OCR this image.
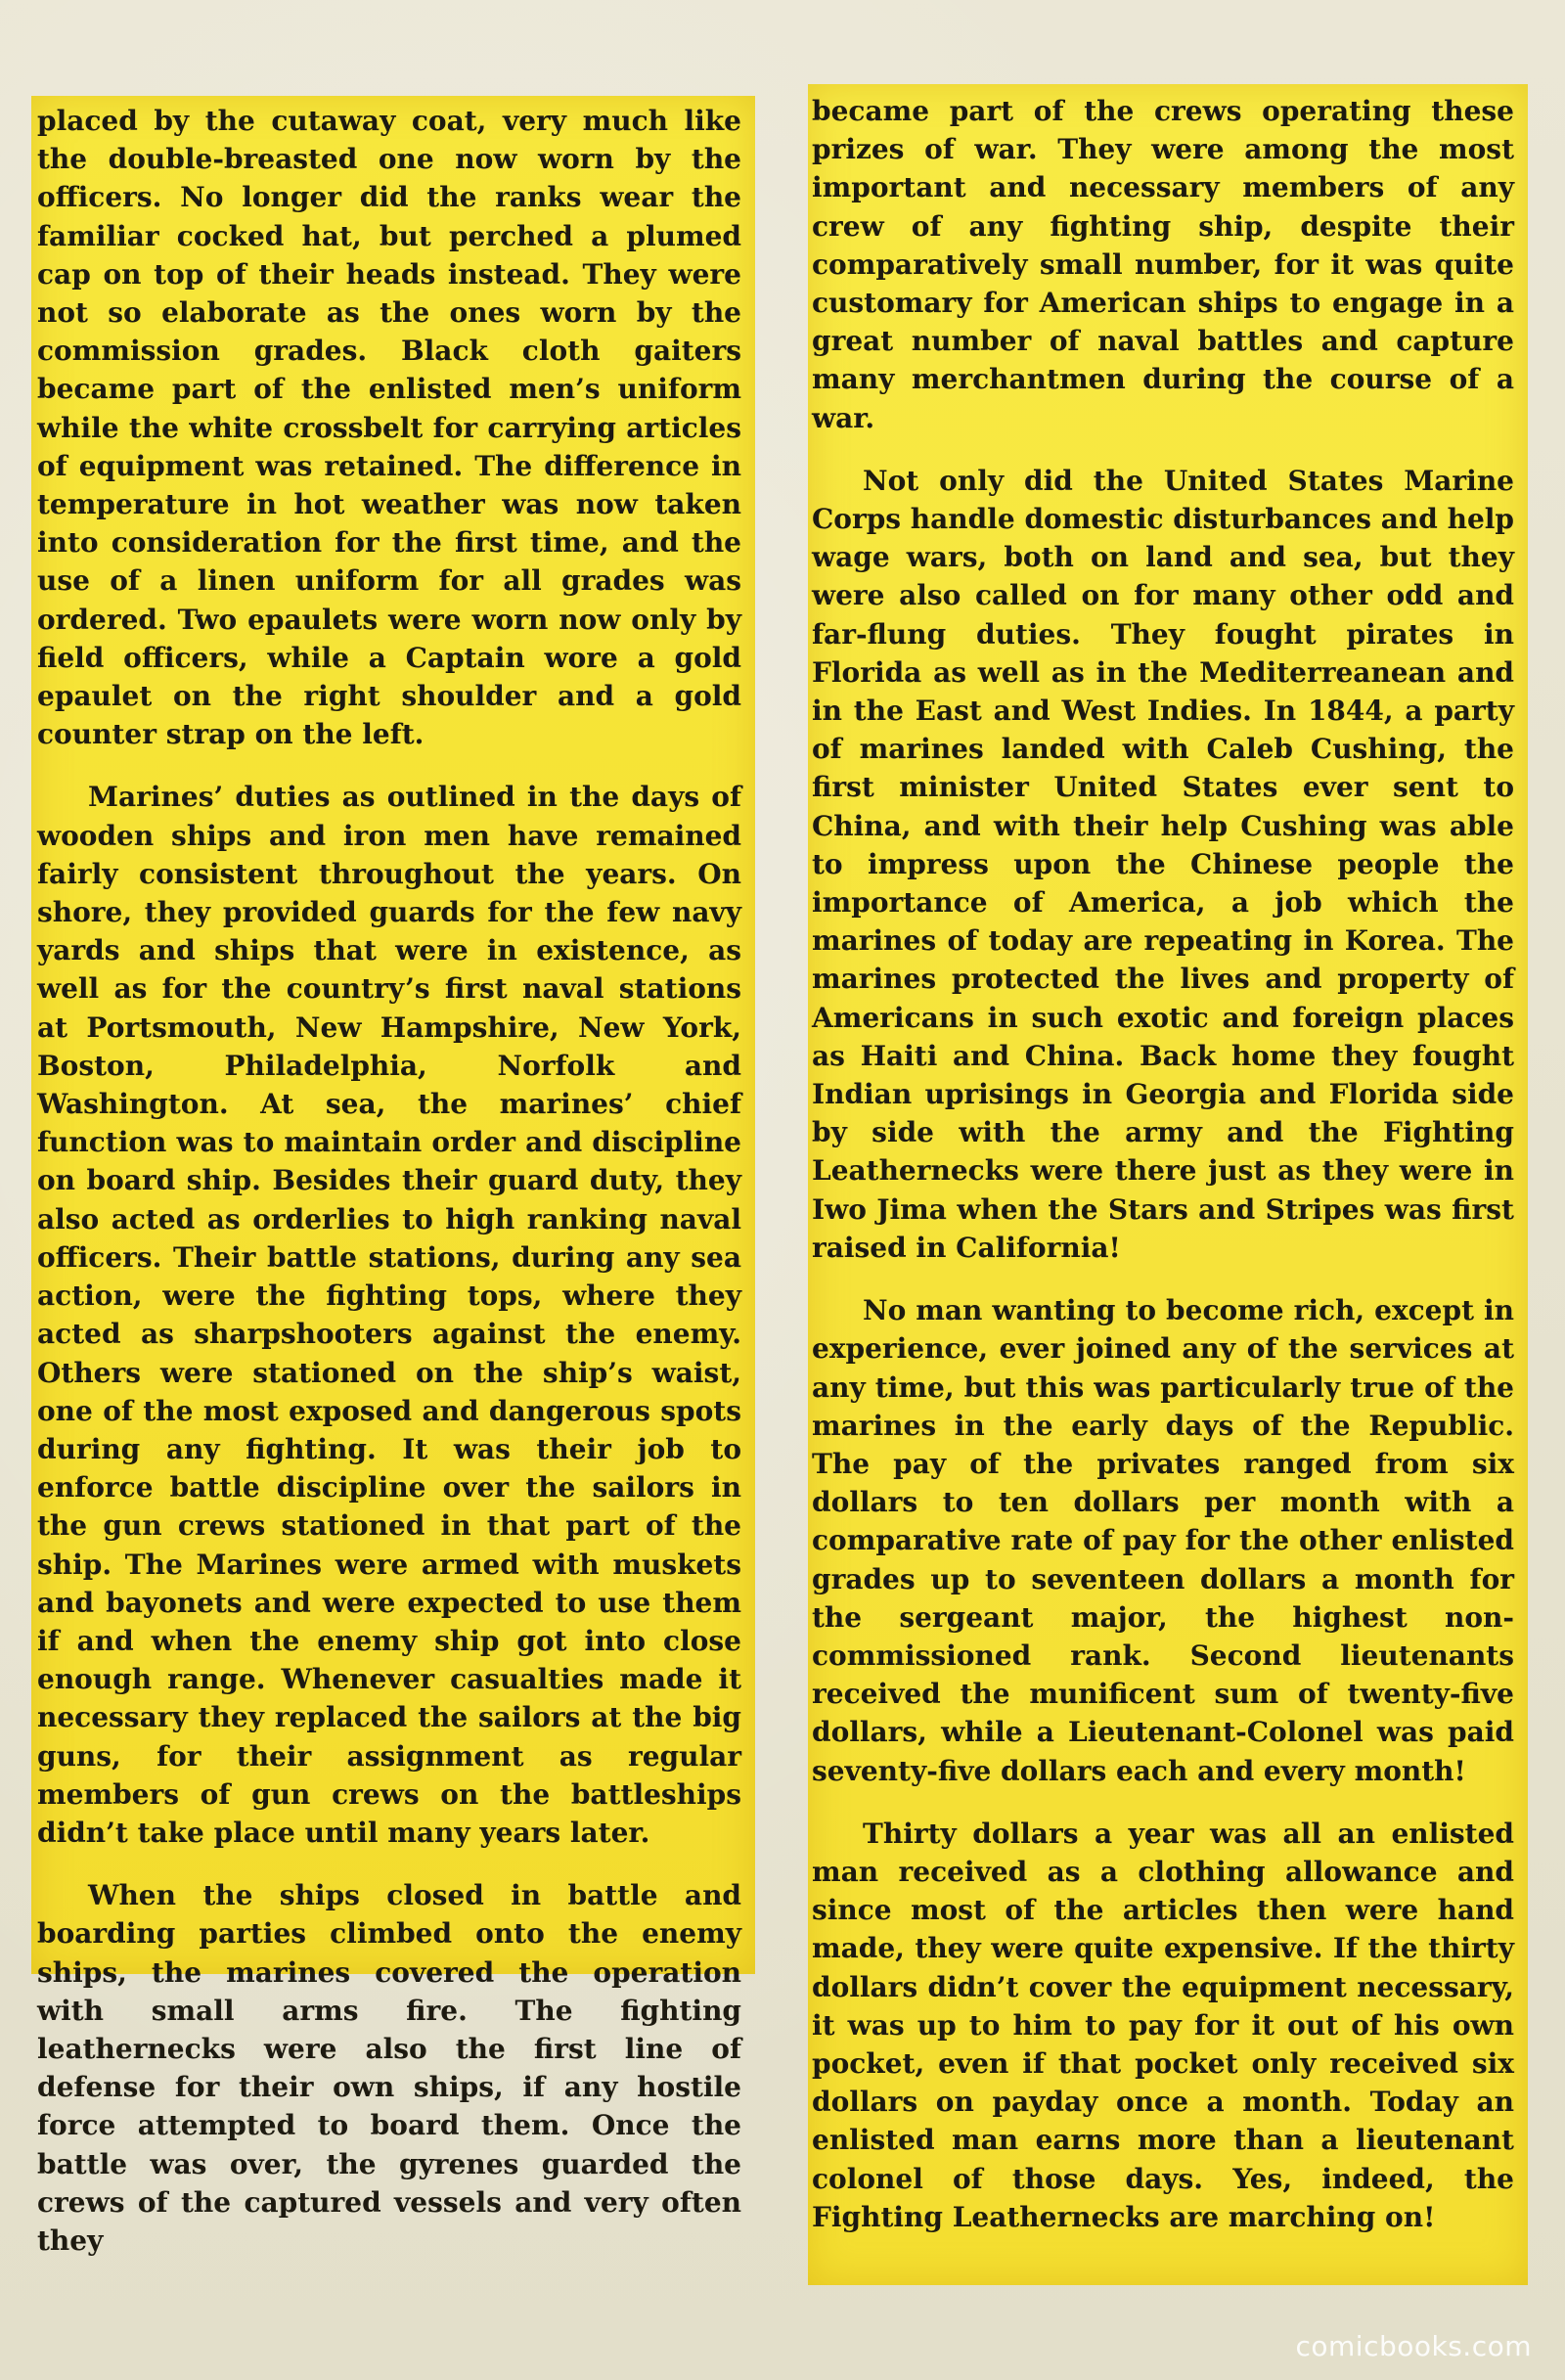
placed by the cutaway coat, very much like the double-breasted one now worn by the officers. No longer did the ranks wear the familiar cocked hat, but perched a plumed cap on top of their heads instead. They were not so elaborate as the ones worn by the commission grades. Black cloth gaiters became part of the enlisted men’s uniform while the white crossbelt for carrying articles of equipment was retained. The difference in temperature in hot weather was now taken into consideration for the first time, and the use of a linen uniform for all grades was ordered. Two epaulets were worn now only by field officers, while a Captain wore a gold epaulet on the right shoulder and a gold counter strap on the left.

Marines’ duties as outlined in the days of wooden ships and iron men have remained fairly consistent throughout the years. On shore, they provided guards for the few navy yards and ships that were in existence, as well as for the country’s first naval stations at Portsmouth, New Hampshire, New York, Boston, Philadelphia, Norfolk and Washington. At sea, the marines’ chief function was to maintain order and discipline on board ship. Besides their guard duty, they also acted as orderlies to high ranking naval officers. Their battle stations, during any sea action, were the fighting tops, where they acted as sharpshooters against the enemy. Others were stationed on the ship’s waist, one of the most exposed and dangerous spots during any fighting. It was their job to enforce battle discipline over the sailors in the gun crews stationed in that part of the ship. The Marines were armed with muskets and bayonets and were expected to use them if and when the enemy ship got into close enough range. Whenever casualties made it necessary they replaced the sailors at the big guns, for their assignment as regular members of gun crews on the battleships didn’t take place until many years later.

When the ships closed in battle and boarding parties climbed onto the enemy ships, the marines covered the operation with small arms fire. The fighting leathernecks were also the first line of defense for their own ships, if any hostile force attempted to board them. Once the battle was over, the gyrenes guarded the crews of the captured vessels and very often they

became part of the crews operating these prizes of war. They were among the most important and necessary members of any crew of any fighting ship, despite their comparatively small number, for it was quite customary for American ships to engage in a great number of naval battles and capture many merchantmen during the course of a war.

Not only did the United States Marine Corps handle domestic disturbances and help wage wars, both on land and sea, but they were also called on for many other odd and far-flung duties. They fought pirates in Florida as well as in the Mediterreanean and in the East and West Indies. In 1844, a party of marines landed with Caleb Cushing, the first minister United States ever sent to China, and with their help Cushing was able to impress upon the Chinese people the importance of America, a job which the marines of today are repeating in Korea. The marines protected the lives and property of Americans in such exotic and foreign places as Haiti and China. Back home they fought Indian uprisings in Georgia and Florida side by side with the army and the Fighting Leathernecks were there just as they were in Iwo Jima when the Stars and Stripes was first raised in California!

No man wanting to become rich, except in experience, ever joined any of the services at any time, but this was particularly true of the marines in the early days of the Republic. The pay of the privates ranged from six dollars to ten dollars per month with a comparative rate of pay for the other enlisted grades up to seventeen dollars a month for the sergeant major, the highest non-commissioned rank. Second lieutenants received the munificent sum of twenty-five dollars, while a Lieutenant-Colonel was paid seventy-five dollars each and every month!

Thirty dollars a year was all an enlisted man received as a clothing allowance and since most of the articles then were hand made, they were quite expensive. If the thirty dollars didn’t cover the equipment necessary, it was up to him to pay for it out of his own pocket, even if that pocket only received six dollars on payday once a month. Today an enlisted man earns more than a lieutenant colonel of those days. Yes, indeed, the Fighting Leathernecks are marching on!

comicbooks.com
